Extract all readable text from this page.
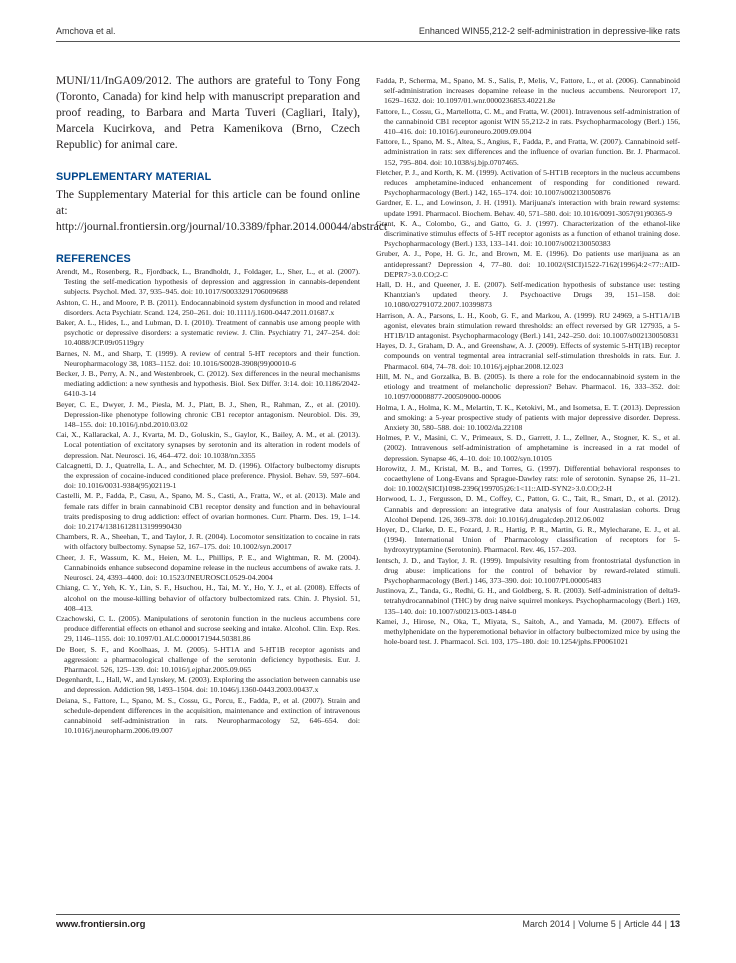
Amchova et al.	Enhanced WIN55,212-2 self-administration in depressive-like rats

MUNI/11/InGA09/2012. The authors are grateful to Tony Fong (Toronto, Canada) for kind help with manuscript preparation and proof reading, to Barbara and Marta Tuveri (Cagliari, Italy), Marcela Kucirkova, and Petra Kamenikova (Brno, Czech Republic) for animal care.

SUPPLEMENTARY MATERIAL

The Supplementary Material for this article can be found online at: http://journal.frontiersin.org/journal/10.3389/fphar.2014.00044/abstract

REFERENCES
Arendt, M., Rosenberg, R., Fjordback, L., Brandholdt, J., Foldager, L., Sher, L., et al. (2007). Testing the self-medication hypothesis of depression and aggression in cannabis-dependent subjects. Psychol. Med. 37, 935–945. doi: 10.1017/S0033291706009688
Ashton, C. H., and Moore, P. B. (2011). Endocannabinoid system dysfunction in mood and related disorders. Acta Psychiatr. Scand. 124, 250–261. doi: 10.1111/j.1600-0447.2011.01687.x
Baker, A. L., Hides, L., and Lubman, D. I. (2010). Treatment of cannabis use among people with psychotic or depressive disorders: a systematic review. J. Clin. Psychiatry 71, 247–254. doi: 10.4088/JCP.09r05119gry
Barnes, N. M., and Sharp, T. (1999). A review of central 5-HT receptors and their function. Neuropharmacology 38, 1083–1152. doi: 10.1016/S0028-3908(99)00010-6
Becker, J. B., Perry, A. N., and Westenbroek, C. (2012). Sex differences in the neural mechanisms mediating addiction: a new synthesis and hypothesis. Biol. Sex Differ. 3:14. doi: 10.1186/2042-6410-3-14
Beyer, C. E., Dwyer, J. M., Piesla, M. J., Platt, B. J., Shen, R., Rahman, Z., et al. (2010). Depression-like phenotype following chronic CB1 receptor antagonism. Neurobiol. Dis. 39, 148–155. doi: 10.1016/j.nbd.2010.03.02
Cai, X., Kallarackal, A. J., Kvarta, M. D., Goluskin, S., Gaylor, K., Bailey, A. M., et al. (2013). Local potentiation of excitatory synapses by serotonin and its alteration in rodent models of depression. Nat. Neurosci. 16, 464–472. doi: 10.1038/nn.3355
Calcagnetti, D. J., Quatrella, L. A., and Schechter, M. D. (1996). Olfactory bulbectomy disrupts the expression of cocaine-induced conditioned place preference. Physiol. Behav. 59, 597–604. doi: 10.1016/0031-9384(95)02119-1
Castelli, M. P., Fadda, P., Casu, A., Spano, M. S., Casti, A., Fratta, W., et al. (2013). Male and female rats differ in brain cannabinoid CB1 receptor density and function and in behavioural traits predisposing to drug addiction: effect of ovarian hormones. Curr. Pharm. Des. 19, 1–14. doi: 10.2174/13816128113199990430
Chambers, R. A., Sheehan, T., and Taylor, J. R. (2004). Locomotor sensitization to cocaine in rats with olfactory bulbectomy. Synapse 52, 167–175. doi: 10.1002/syn.20017
Cheer, J. F., Wassum, K. M., Heien, M. L., Phillips, P. E., and Wightman, R. M. (2004). Cannabinoids enhance subsecond dopamine release in the nucleus accumbens of awake rats. J. Neurosci. 24, 4393–4400. doi: 10.1523/JNEUROSCI.0529-04.2004
Chiang, C. Y., Yeh, K. Y., Lin, S. F., Hsuchou, H., Tai, M. Y., Ho, Y. J., et al. (2008). Effects of alcohol on the mouse-killing behavior of olfactory bulbectomized rats. Chin. J. Physiol. 51, 408–413.
Czachowski, C. L. (2005). Manipulations of serotonin function in the nucleus accumbens core produce differential effects on ethanol and sucrose seeking and intake. Alcohol. Clin. Exp. Res. 29, 1146–1155. doi: 10.1097/01.ALC.0000171944.50381.86
De Boer, S. F., and Koolhaas, J. M. (2005). 5-HT1A and 5-HT1B receptor agonists and aggression: a pharmacological challenge of the serotonin deficiency hypothesis. Eur. J. Pharmacol. 526, 125–139. doi: 10.1016/j.ejphar.2005.09.065
Degenhardt, L., Hall, W., and Lynskey, M. (2003). Exploring the association between cannabis use and depression. Addiction 98, 1493–1504. doi: 10.1046/j.1360-0443.2003.00437.x
Deiana, S., Fattore, L., Spano, M. S., Cossu, G., Porcu, E., Fadda, P., et al. (2007). Strain and schedule-dependent differences in the acquisition, maintenance and extinction of intravenous cannabinoid self-administration in rats. Neuropharmacology 52, 646–654. doi: 10.1016/j.neuropharm.2006.09.007
Fadda, P., Scherma, M., Spano, M. S., Salis, P., Melis, V., Fattore, L., et al. (2006). Cannabinoid self-administration increases dopamine release in the nucleus accumbens. Neuroreport 17, 1629–1632. doi: 10.1097/01.wnr.0000236853.40221.8e
Fattore, L., Cossu, G., Martellotta, C. M., and Fratta, W. (2001). Intravenous self-administration of the cannabinoid CB1 receptor agonist WIN 55,212-2 in rats. Psychopharmacology (Berl.) 156, 410–416. doi: 10.1016/j.euroneuro.2009.09.004
Fattore, L., Spano, M. S., Altea, S., Angius, F., Fadda, P., and Fratta, W. (2007). Cannabinoid self-administration in rats: sex differences and the influence of ovarian function. Br. J. Pharmacol. 152, 795–804. doi: 10.1038/sj.bjp.0707465.
Fletcher, P. J., and Korth, K. M. (1999). Activation of 5-HT1B receptors in the nucleus accumbens reduces amphetamine-induced enhancement of responding for conditioned reward. Psychopharmacology (Berl.) 142, 165–174. doi: 10.1007/s002130050876
Gardner, E. L., and Lowinson, J. H. (1991). Marijuana's interaction with brain reward systems: update 1991. Pharmacol. Biochem. Behav. 40, 571–580. doi: 10.1016/0091-3057(91)90365-9
Grant, K. A., Colombo, G., and Gatto, G. J. (1997). Characterization of the ethanol-like discriminative stimulus effects of 5-HT receptor agonists as a function of ethanol training dose. Psychopharmacology (Berl.) 133, 133–141. doi: 10.1007/s002130050383
Gruber, A. J., Pope, H. G. Jr., and Brown, M. E. (1996). Do patients use marijuana as an antidepressant? Depression 4, 77–80. doi: 10.1002/(SICI)1522-7162(1996)4:2<77::AID-DEPR7>3.0.CO;2-C
Hall, D. H., and Queener, J. E. (2007). Self-medication hypothesis of substance use: testing Khantzian's updated theory. J. Psychoactive Drugs 39, 151–158. doi: 10.1080/02791072.2007.10399873
Harrison, A. A., Parsons, L. H., Koob, G. F., and Markou, A. (1999). RU 24969, a 5-HT1A/1B agonist, elevates brain stimulation reward thresholds: an effect reversed by GR 127935, a 5-HT1B/1D antagonist. Psychopharmacology (Berl.) 141, 242–250. doi: 10.1007/s002130050831
Hayes, D. J., Graham, D. A., and Greenshaw, A. J. (2009). Effects of systemic 5-HT(1B) receptor compounds on ventral tegmental area intracranial self-stimulation thresholds in rats. Eur. J. Pharmacol. 604, 74–78. doi: 10.1016/j.ejphar.2008.12.023
Hill, M. N., and Gorzalka, B. B. (2005). Is there a role for the endocannabinoid system in the etiology and treatment of melancholic depression? Behav. Pharmacol. 16, 333–352. doi: 10.1097/00008877-200509000-00006
Holma, I. A., Holma, K. M., Melartin, T. K., Ketokivi, M., and Isometsa, E. T. (2013). Depression and smoking: a 5-year prospective study of patients with major depressive disorder. Depress. Anxiety 30, 580–588. doi: 10.1002/da.22108
Holmes, P. V., Masini, C. V., Primeaux, S. D., Garrett, J. L., Zellner, A., Stogner, K. S., et al. (2002). Intravenous self-administration of amphetamine is increased in a rat model of depression. Synapse 46, 4–10. doi: 10.1002/syn.10105
Horowitz, J. M., Kristal, M. B., and Torres, G. (1997). Differential behavioral responses to cocaethylene of Long-Evans and Sprague-Dawley rats: role of serotonin. Synapse 26, 11–21. doi: 10.1002/(SICI)1098-2396(199705)26:1<11::AID-SYN2>3.0.CO;2-H
Horwood, L. J., Fergusson, D. M., Coffey, C., Patton, G. C., Tait, R., Smart, D., et al. (2012). Cannabis and depression: an integrative data analysis of four Australasian cohorts. Drug Alcohol Depend. 126, 369–378. doi: 10.1016/j.drugalcdep.2012.06.002
Hoyer, D., Clarke, D. E., Fozard, J. R., Hartig, P. R., Martin, G. R., Mylecharane, E. J., et al. (1994). International Union of Pharmacology classification of receptors for 5-hydroxytryptamine (Serotonin). Pharmacol. Rev. 46, 157–203.
Ientsch, J. D., and Taylor, J. R. (1999). Impulsivity resulting from frontostriatal dysfunction in drug abuse: implications for the control of behavior by reward-related stimuli. Psychopharmacology (Berl.) 146, 373–390. doi: 10.1007/PL00005483
Justinova, Z., Tanda, G., Redhi, G. H., and Goldberg, S. R. (2003). Self-administration of delta9-tetrahydrocannabinol (THC) by drug naive squirrel monkeys. Psychopharmacology (Berl.) 169, 135–140. doi: 10.1007/s00213-003-1484-0
Kamei, J., Hirose, N., Oka, T., Miyata, S., Saitoh, A., and Yamada, M. (2007). Effects of methylphenidate on the hyperemotional behavior in olfactory bulbectomized mice by using the hole-board test. J. Pharmacol. Sci. 103, 175–180. doi: 10.1254/jphs.FP0061021
www.frontiersin.org	March 2014 | Volume 5 | Article 44 | 13
